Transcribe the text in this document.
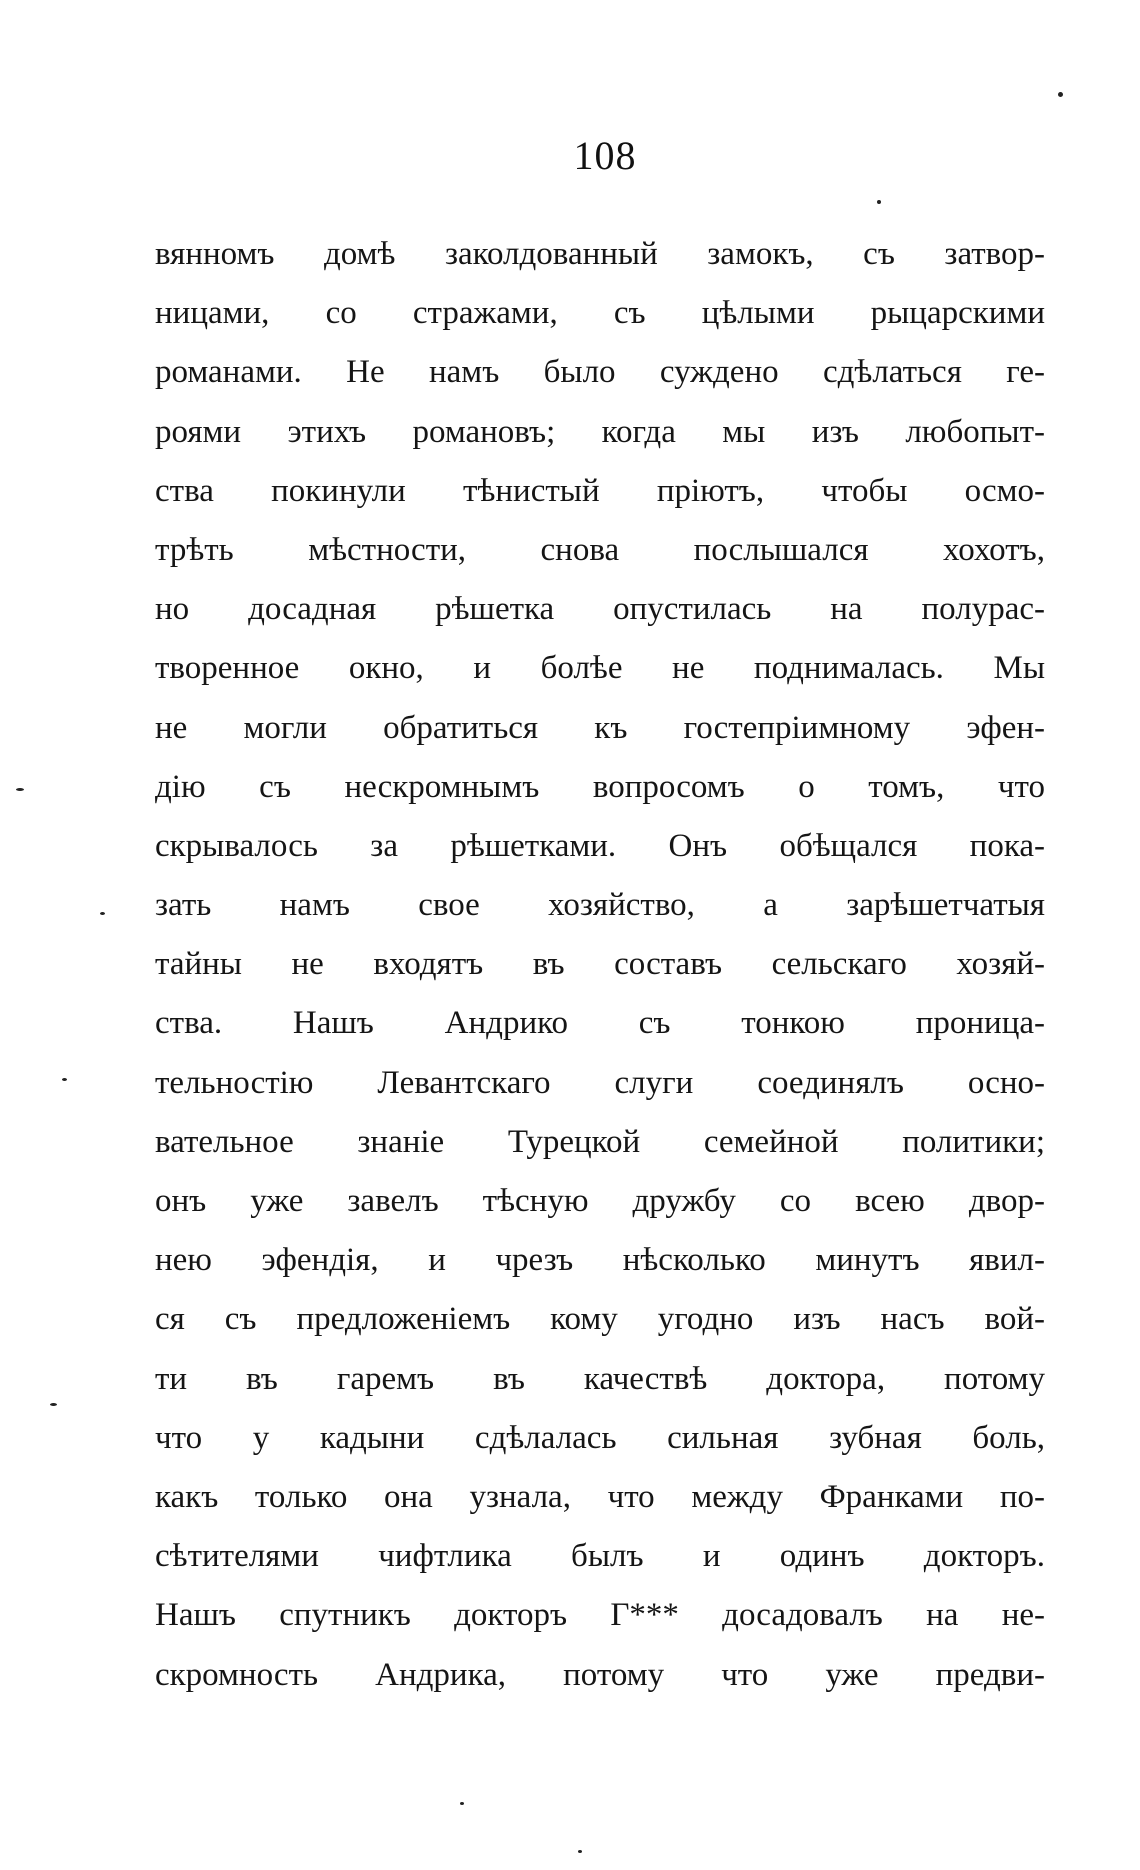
108
вянномъ домѣ заколдованный замокъ, съ затвор-
ницами, со стражами, съ цѣлыми рыцарскими
романами. Не намъ было суждено сдѣлаться ге-
роями этихъ романовъ; когда мы изъ любопыт-
ства покинули тѣнистый пріютъ, чтобы осмо-
трѣть мѣстности, снова послышался хохотъ,
но досадная рѣшетка опустилась на полурас-
творенное окно, и болѣе не поднималась. Мы
не могли обратиться къ гостепріимному эфен-
дію съ нескромнымъ вопросомъ о томъ, что
скрывалось за рѣшетками. Онъ обѣщался пока-
зать намъ свое хозяйство, а зарѣшетчатыя
тайны не входятъ въ составъ сельскаго хозяй-
ства. Нашъ Андрико съ тонкою проница-
тельностію Левантскаго слуги соединялъ осно-
вательное знаніе Турецкой семейной политики;
онъ уже завелъ тѣсную дружбу со всею двор-
нею эфендія, и чрезъ нѣсколько минутъ явил-
ся съ предложеніемъ кому угодно изъ насъ вой-
ти въ гаремъ въ качествѣ доктора, потому
что у кадыни сдѣлалась сильная зубная боль,
какъ только она узнала, что между Франками по-
сѣтителями чифтлика былъ и одинъ докторъ.
Нашъ спутникъ докторъ Г*** досадовалъ на не-
скромность Андрика, потому что уже предви-
